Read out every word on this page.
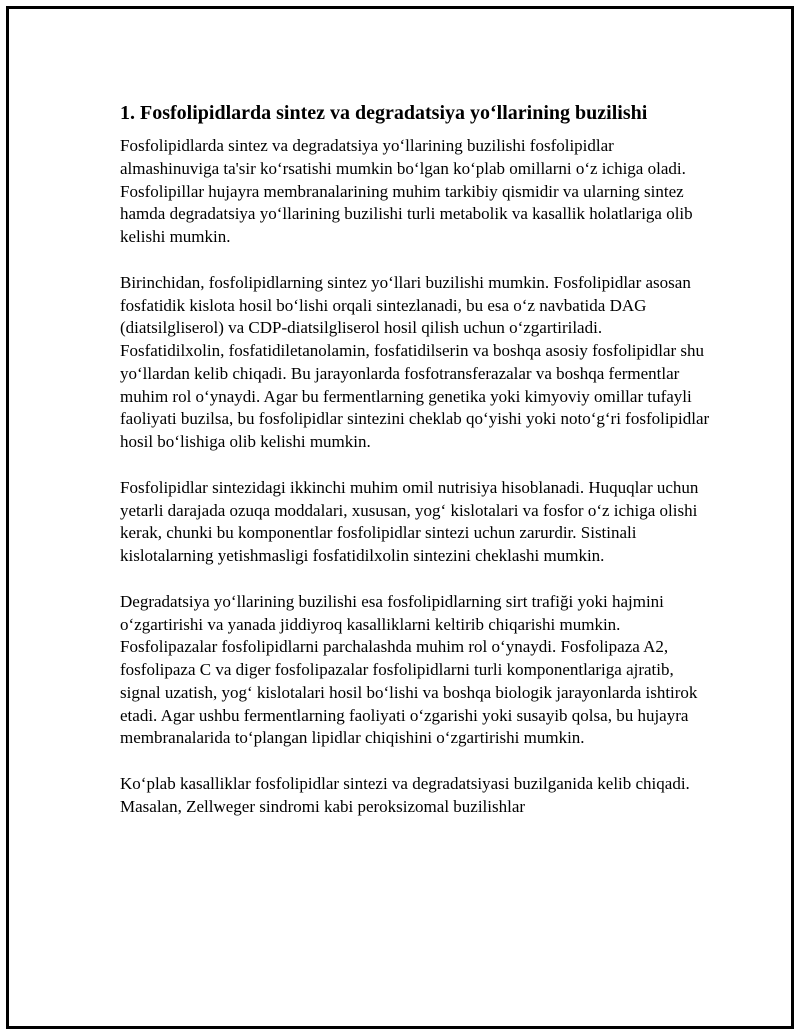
1. Fosfolipidlarda sintez va degradatsiya yo‘llarining buzilishi

Fosfolipidlarda sintez va degradatsiya yo‘llarining buzilishi fosfolipidlar almashinuviga ta'sir ko‘rsatishi mumkin bo‘lgan ko‘plab omillarni o‘z ichiga oladi. Fosfolipillar hujayra membranalarining muhim tarkibiy qismidir va ularning sintez hamda degradatsiya yo‘llarining buzilishi turli metabolik va kasallik holatlariga olib kelishi mumkin.

Birinchidan, fosfolipidlarning sintez yo‘llari buzilishi mumkin. Fosfolipidlar asosan fosfatidik kislota hosil bo‘lishi orqali sintezlanadi, bu esa o‘z navbatida DAG (diatsilgliserol) va CDP-diatsilgliserol hosil qilish uchun o‘zgartiriladi. Fosfatidilxolin, fosfatidiletanolamin, fosfatidilserin va boshqa asosiy fosfolipidlar shu yo‘llardan kelib chiqadi. Bu jarayonlarda fosfotransferazalar va boshqa fermentlar muhim rol o‘ynaydi. Agar bu fermentlarning genetika yoki kimyoviy omillar tufayli faoliyati buzilsa, bu fosfolipidlar sintezini cheklab qo‘yishi yoki noto‘g‘ri fosfolipidlar hosil bo‘lishiga olib kelishi mumkin.

Fosfolipidlar sintezidagi ikkinchi muhim omil nutrisiya hisoblanadi. Huquqlar uchun yetarli darajada ozuqa moddalari, xususan, yog‘ kislotalari va fosfor o‘z ichiga olishi kerak, chunki bu komponentlar fosfolipidlar sintezi uchun zarurdir. Sistinali kislotalarning yetishmasligi fosfatidilxolin sintezini cheklashi mumkin.

Degradatsiya yo‘llarining buzilishi esa fosfolipidlarning sirt trafiği yoki hajmini o‘zgartirishi va yanada jiddiyroq kasalliklarni keltirib chiqarishi mumkin. Fosfolipazalar fosfolipidlarni parchalashda muhim rol o‘ynaydi. Fosfolipaza A2, fosfolipaza C va diger fosfolipazalar fosfolipidlarni turli komponentlariga ajratib, signal uzatish, yog‘ kislotalari hosil bo‘lishi va boshqa biologik jarayonlarda ishtirok etadi. Agar ushbu fermentlarning faoliyati o‘zgarishi yoki susayib qolsa, bu hujayra membranalarida to‘plangan lipidlar chiqishini o‘zgartirishi mumkin.

Ko‘plab kasalliklar fosfolipidlar sintezi va degradatsiyasi buzilganida kelib chiqadi. Masalan, Zellweger sindromi kabi peroksizomal buzilishlar
